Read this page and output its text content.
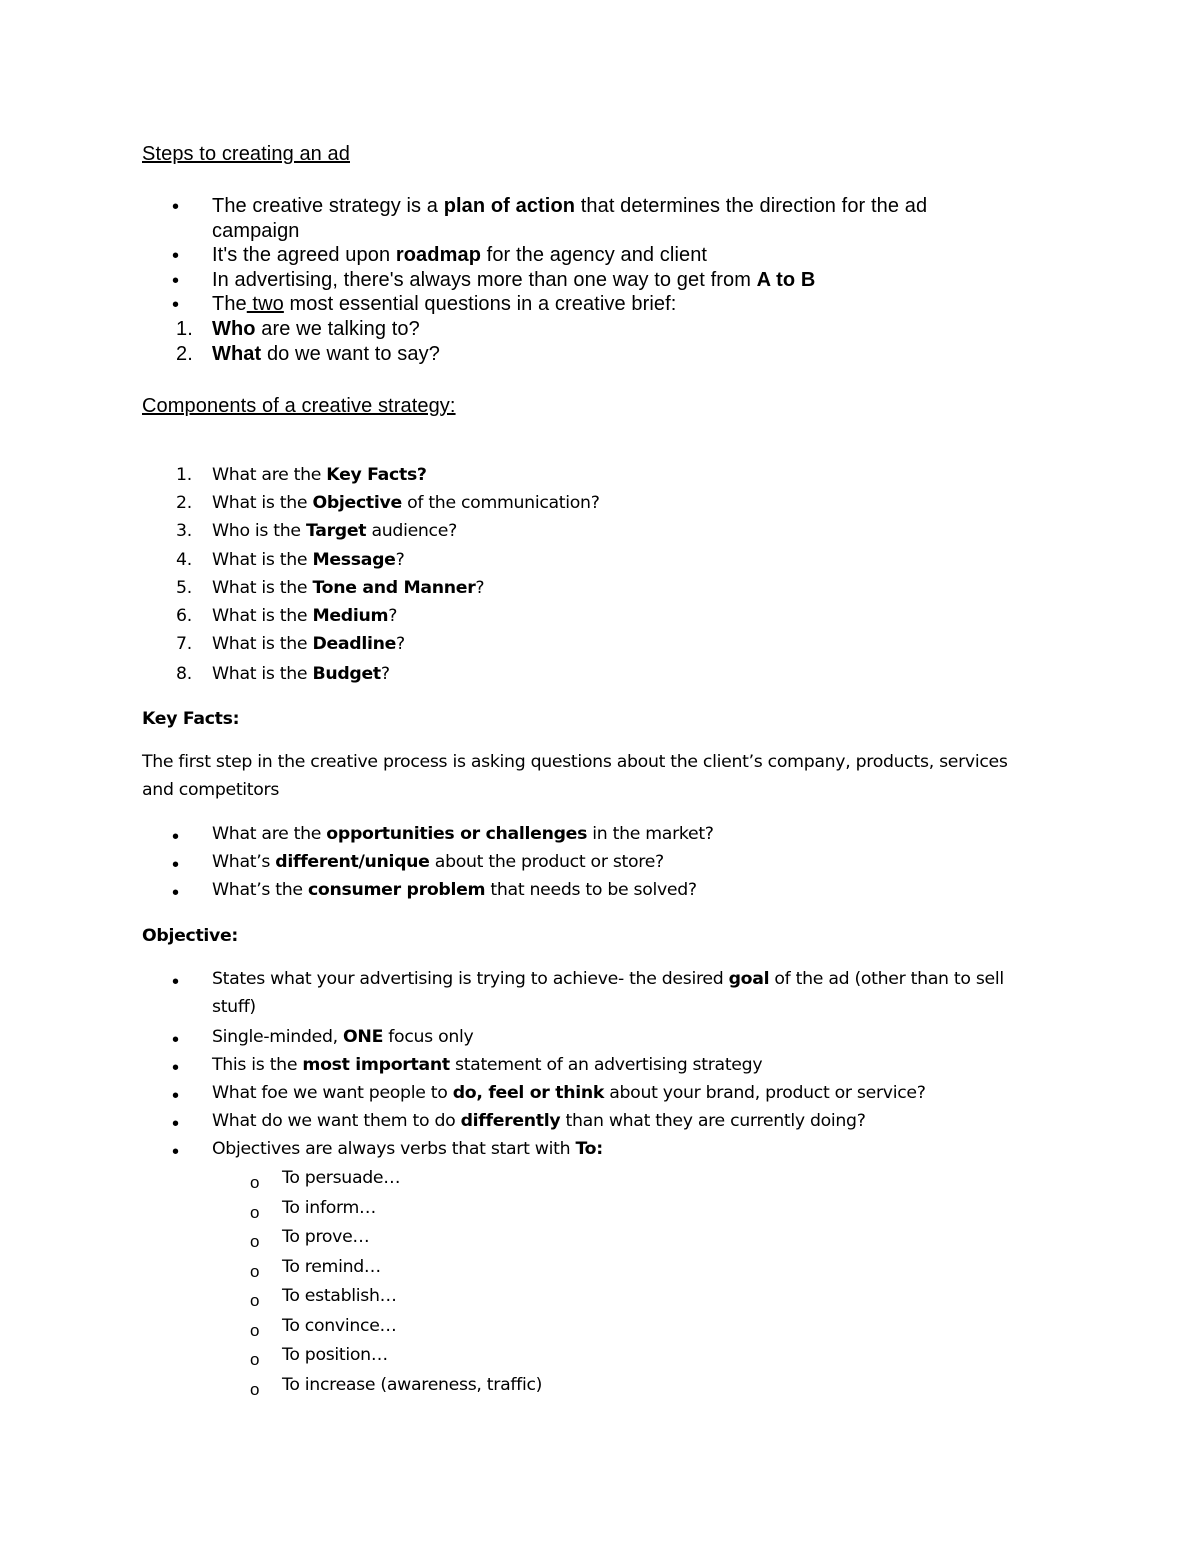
Steps to creating an ad
• The creative strategy is a plan of action that determines the direction for the ad
campaign
• It's the agreed upon roadmap for the agency and client
• In advertising, there's always more than one way to get from A to B
• The two most essential questions in a creative brief:
1. Who are we talking to?
2. What do we want to say?
Components of a creative strategy:
1. What are the Key Facts?
2. What is the Objective of the communication?
3. Who is the Target audience?
4. What is the Message?
5. What is the Tone and Manner?
6. What is the Medium?
7. What is the Deadline?
8. What is the Budget?
Key Facts:
The first step in the creative process is asking questions about the client’s company, products, services
and competitors
• What are the opportunities or challenges in the market?
• What’s different/unique about the product or store?
• What’s the consumer problem that needs to be solved?
Objective:
• States what your advertising is trying to achieve- the desired goal of the ad (other than to sell
stuff)
• Single-minded, ONE focus only
• This is the most important statement of an advertising strategy
• What foe we want people to do, feel or think about your brand, product or service?
• What do we want them to do differently than what they are currently doing?
• Objectives are always verbs that start with To:
o To persuade…
o To inform…
o To prove…
o To remind…
o To establish…
o To convince…
o To position…
o To increase (awareness, traffic)
